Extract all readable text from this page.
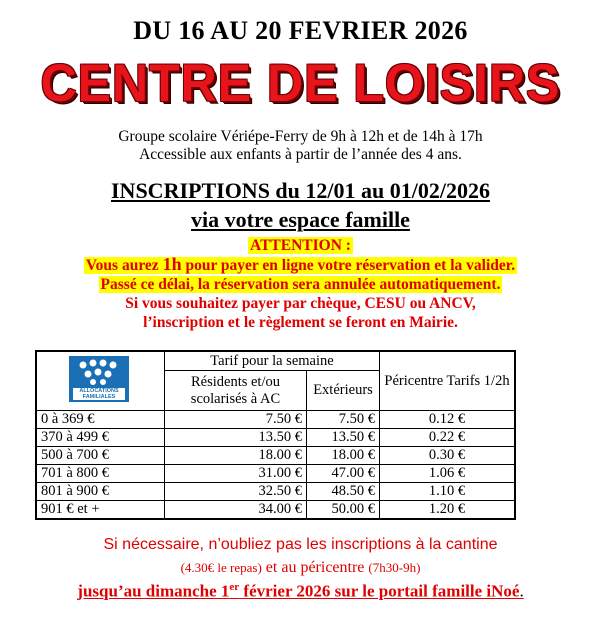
DU 16 AU 20 FEVRIER 2026
CENTRE DE LOISIRS
Groupe scolaire Vériépe-Ferry de 9h à 12h et de 14h à 17h
Accessible aux enfants à partir de l’année des 4 ans.
INSCRIPTIONS du 12/01 au 01/02/2026
via votre espace famille
ATTENTION :
Vous aurez 1h pour payer en ligne votre réservation et la valider.
Passé ce délai, la réservation sera annulée automatiquement.
Si vous souhaitez payer par chèque, CESU ou ANCV,
l’inscription et le règlement se feront en Mairie.
ALLOCATIONS FAMILIALES	Tarif pour la semaine		Péricentre Tarifs 1/2h
	Résidents et/ou scolarisés à AC	Extérieurs	
0 à 369 €	7.50 €	7.50 €	0.12 €
370 à 499 €	13.50 €	13.50 €	0.22 €
500 à 700 €	18.00 €	18.00 €	0.30 €
701 à 800 €	31.00 €	47.00 €	1.06 €
801 à 900 €	32.50 €	48.50 €	1.10 €
901 € et +	34.00 €	50.00 €	1.20 €
Si nécessaire, n’oubliez pas les inscriptions à la cantine
(4.30€ le repas) et au péricentre (7h30-9h)
jusqu’au dimanche 1er février 2026 sur le portail famille iNoé.
